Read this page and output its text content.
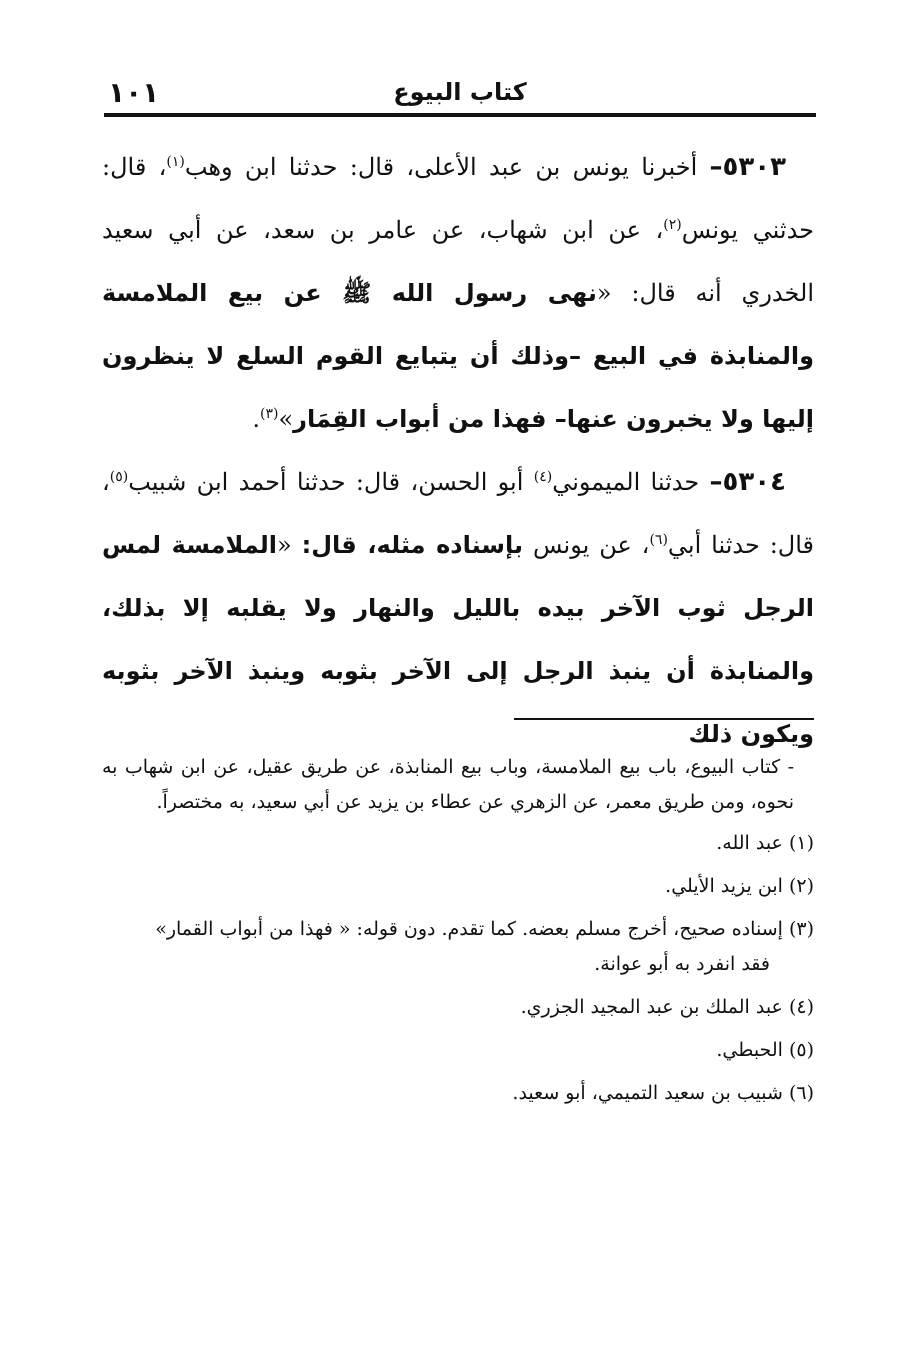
كتاب البيوع
١٠١

٥٣٠٣– أخبرنا يونس بن عبد الأعلى، قال: حدثنا ابن وهب$^{(١)}$، قال: حدثني يونس$^{(٢)}$، عن ابن شهاب، عن عامر بن سعد، عن أبي سعيد الخدري أنه قال: «نهى رسول الله ﷺ عن بيع الملامسة والمنابذة في البيع –وذلك أن يتبايع القوم السلع لا ينظرون إليها ولا يخبرون عنها– فهذا من أبواب القِمَار»$^{(٣)}$.

٥٣٠٤– حدثنا الميموني$^{(٤)}$ أبو الحسن، قال: حدثنا أحمد ابن شبيب$^{(٥)}$، قال: حدثنا أبي$^{(٦)}$، عن يونس بإسناده مثله، قال: «الملامسة لمس الرجل ثوب الآخر بيده بالليل والنهار ولا يقلبه إلا بذلك، والمنابذة أن ينبذ الرجل إلى الآخر بثوبه وينبذ الآخر بثوبه ويكون ذلك

- كتاب البيوع، باب بيع الملامسة، وباب بيع المنابذة، عن طريق عقيل، عن ابن شهاب به نحوه، ومن طريق معمر، عن الزهري عن عطاء بن يزيد عن أبي سعيد، به مختصراً.

(١) عبد الله.

(٢) ابن يزيد الأيلي.

(٣) إسناده صحيح، أخرج مسلم بعضه. كما تقدم. دون قوله: « فهذا من أبواب القمار»

فقد انفرد به أبو عوانة.

(٤) عبد الملك بن عبد المجيد الجزري.

(٥) الحبطي.

(٦) شبيب بن سعيد التميمي، أبو سعيد.
